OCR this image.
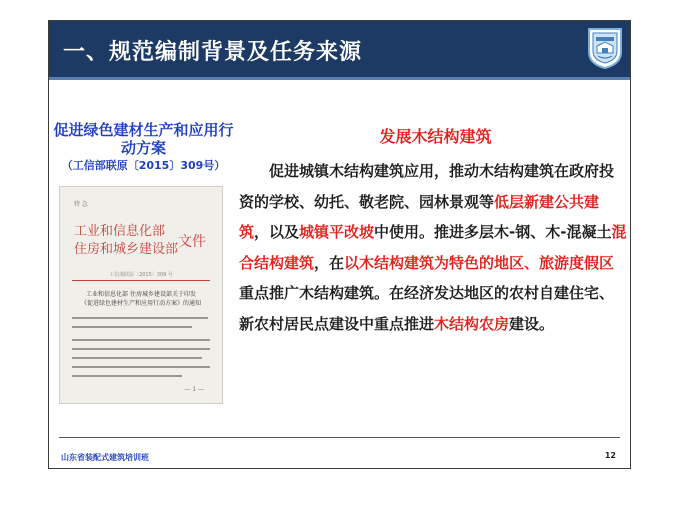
一、规范编制背景及任务来源
促进绿色建材生产和应用行动方案
（工信部联原〔2015〕309号）
特 急
工业和信息化部
住房和城乡建设部 文件
工信部联原〔2015〕309 号
工业和信息化部 住房城乡建设部关于印发
《促进绿色建材生产和应用行动方案》的通知
— 1 —
发展木结构建筑
促进城镇木结构建筑应用，推动木结构建筑在政府投资的学校、幼托、敬老院、园林景观等低层新建公共建筑，以及城镇平改坡中使用。推进多层木-钢、木-混凝土混合结构建筑，在以木结构建筑为特色的地区、旅游度假区重点推广木结构建筑。在经济发达地区的农村自建住宅、新农村居民点建设中重点推进木结构农房建设。
山东省装配式建筑培训班	12
